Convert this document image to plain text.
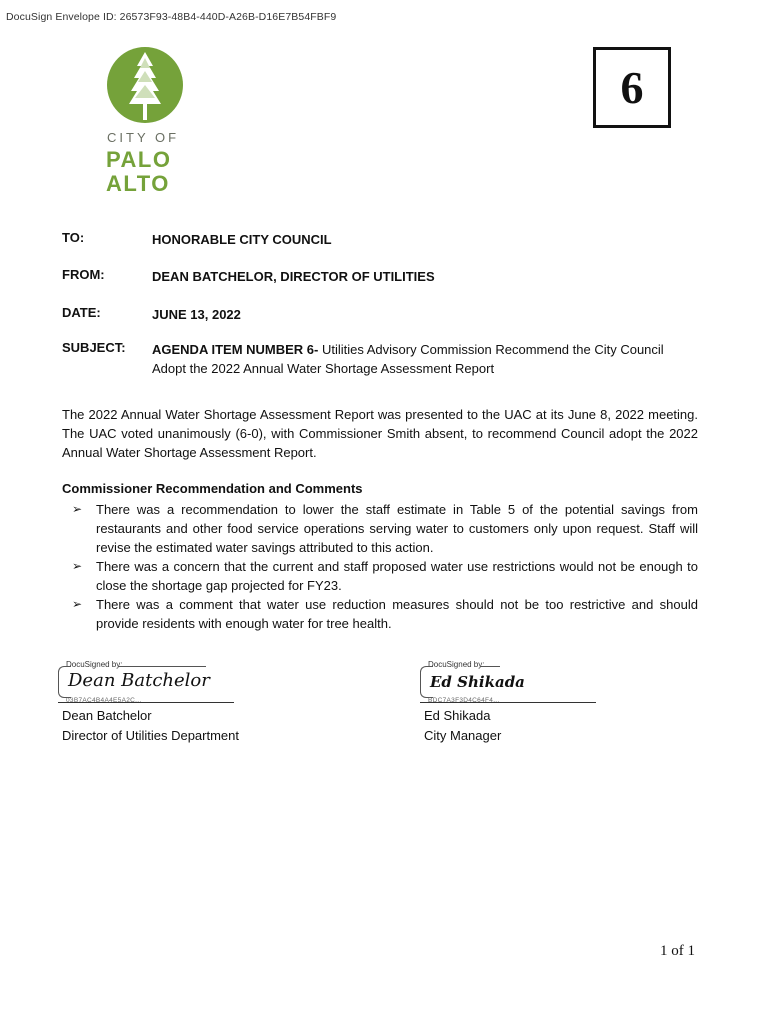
DocuSign Envelope ID: 26573F93-48B4-440D-A26B-D16E7B54FBF9
6
CITY OF
PALO
ALTO
TO:	HONORABLE CITY COUNCIL
FROM:	DEAN BATCHELOR, DIRECTOR OF UTILITIES
DATE:	JUNE 13, 2022
SUBJECT: AGENDA ITEM NUMBER 6- Utilities Advisory Commission Recommend the City Council Adopt the 2022 Annual Water Shortage Assessment Report
The 2022 Annual Water Shortage Assessment Report was presented to the UAC at its June 8, 2022 meeting. The UAC voted unanimously (6-0), with Commissioner Smith absent, to recommend Council adopt the 2022 Annual Water Shortage Assessment Report.
Commissioner Recommendation and Comments
➢ There was a recommendation to lower the staff estimate in Table 5 of the potential savings from restaurants and other food service operations serving water to customers only upon request. Staff will revise the estimated water savings attributed to this action.
➢ There was a concern that the current and staff proposed water use restrictions would not be enough to close the shortage gap projected for FY23.
➢ There was a comment that water use reduction measures should not be too restrictive and should provide residents with enough water for tree health.
DocuSigned by:
Dean Batchelor
03B7AC4B4A4E5A2C...
Dean Batchelor
Director of Utilities Department
DocuSigned by:
Ed Shikada
BDC7A3F3D4C64F4...
Ed Shikada
City Manager
1 of 1
